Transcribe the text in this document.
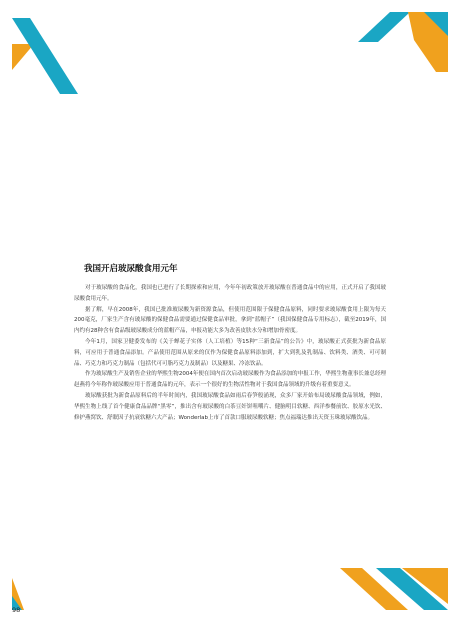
我国开启玻尿酸食用元年

对于玻尿酸的食品化，我国也已进行了长期探索和应用，今年年初政策放开玻尿酸在普通食品中的应用，正式开启了我国玻尿酸食用元年。

据了解，早在2008年，我国已批准玻尿酸为新资源食品，但使用范围限于保健食品原料，同时要求玻尿酸食用上限为每天200毫克，厂家生产含有玻尿酸的保健食品需要通过保健食品审批，拿到“蓝帽子”（我国保健食品专用标志），截至2019年，国内约有28种含有食品级玻尿酸成分的蓝帽产品，申报功能大多为改善皮肤水分和增加骨密度。

今年1月，国家卫健委发布的《关于蝉花子实体（人工培植）等15种“三新食品”的公告》中，玻尿酸正式获批为新食品原料，可应用于普通食品添加。产品使用范围从原来的仅作为保健食品原料添加到，扩大到乳及乳制品、饮料类、酒类、可可制品、巧克力和巧克力制品（包括代可可脂巧克力及制品）以及糖果、冷冻饮品。

作为玻尿酸生产及销售企业的华熙生物2004年便在国内首次启动玻尿酸作为食品添加的申报工作，华熙生物董事长兼总经理赵燕将今年称作玻尿酸应用于普通食品的元年，表示一个很好的生物活性物对于我国食品领域的升级有着重要意义。

玻尿酸获批为新食品原料后的半年时间内，我国玻尿酸食品如雨后春笋般涌现，众多厂家开始布局玻尿酸食品领域，例如，华熙生物上线了首个健康食品品牌“黑零”，推出含有玻尿酸的白茶豆奸饼咀嚼片、健脑明目软糖、西洋参餐前饮、胶原水光饮、修护燕窝饮、舒眠因子抗衰软糖六大产品；Wonderlab上市了首款口服玻尿酸软糖；焦点福瑞达推出天资玉珠玻尿酸饮品。

98
